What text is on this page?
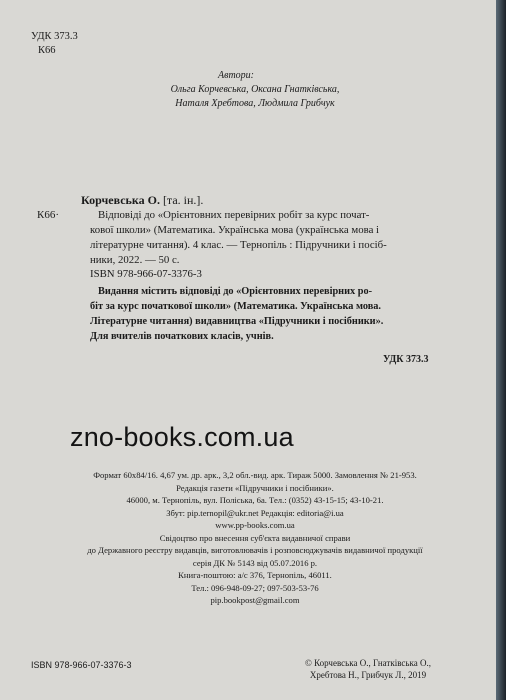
УДК 373.3
К66
Автори:
Ольга Корчевська, Оксана Гнатківська,
Наталя Хребтова, Людмила Грибчук
Корчевська О. [та. ін.].
К66·	Відповіді до «Орієнтовних перевірних робіт за курс почат-
кової школи» (Математика. Українська мова (українська мова і
літературне читання). 4 клас. — Тернопіль : Підручники і посіб-
ники, 2022. — 50 с.
ISBN 978-966-07-3376-3
Видання містить відповіді до «Орієнтовних перевірних ро-
біт за курс початкової школи» (Математика. Українська мова.
Літературне читання) видавництва «Підручники і посібники».
Для вчителів початкових класів, учнів.
УДК 373.3
zno-books.com.ua
Формат 60х84/16. 4,67 ум. др. арк., 3,2 обл.-вид. арк. Тираж 5000. Замовлення № 21-953.
Редакція газети «Підручники і посібники».
46000, м. Тернопіль, вул. Поліська, 6а. Тел.: (0352) 43-15-15; 43-10-21.
Збут: pip.ternopil@ukr.net Редакція: editoria@i.ua
www.pp-books.com.ua
Свідоцтво про внесення суб'єкта видавничої справи
до Державного реєстру видавців, виготовлювачів і розповсюджувачів видавничої продукції
серія ДК № 5143 від 05.07.2016 р.
Книга-поштою: а/с 376, Тернопіль, 46011.
Тел.: 096-948-09-27; 097-503-53-76
pip.bookpost@gmail.com
ISBN 978-966-07-3376-3	© Корчевська О., Гнатківська О.,
Хребтова Н., Грибчук Л., 2019
